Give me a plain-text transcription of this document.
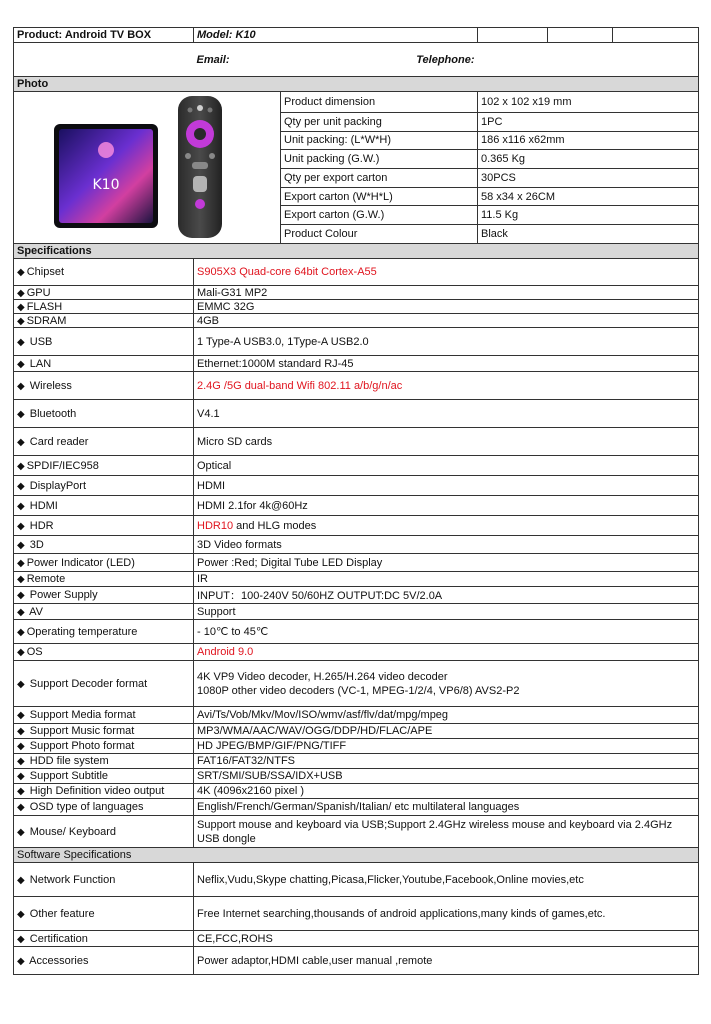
Product: Android TV BOX	Model: K10				
	Email:	Telephone:			
Photo					

K10		Product dimension	102 x 102 x19 mm		
		Qty per unit packing	1PC		
		Unit packing: (L*W*H)	186 x116 x62mm		
		Unit packing (G.W.)	0.365 Kg		
		Qty per export carton	30PCS		
		Export carton (W*H*L)	58 x34 x 26CM		
		Export carton (G.W.)	11.5 Kg		
		Product Colour	Black		
Specifications					
◆ Chipset	S905X3 Quad-core 64bit Cortex-A55				
◆ GPU	Mali-G31 MP2				
◆ FLASH	EMMC 32G				
◆ SDRAM	4GB				
◆ USB	1 Type-A USB3.0, 1Type-A USB2.0				
◆ LAN	Ethernet:1000M standard RJ-45				
◆ Wireless	2.4G /5G dual-band Wifi 802.11 a/b/g/n/ac				
◆ Bluetooth	V4.1				
◆ Card reader	Micro SD cards				
◆ SPDIF/IEC958	Optical				
◆ DisplayPort	HDMI				
◆ HDMI	HDMI 2.1for 4k@60Hz				
◆ HDR	HDR10 and HLG modes				
◆ 3D	3D Video formats				
◆ Power Indicator (LED)	Power :Red; Digital Tube LED Display				
◆ Remote	IR				
◆ Power Supply	INPUT：100-240V 50/60HZ OUTPUT:DC 5V/2.0A				
◆ AV	Support				
◆ Operating temperature	- 10℃ to 45℃				
◆ OS	Android 9.0				
◆ Support Decoder format	4K VP9 Video decoder, H.265/H.264 video decoder
1080P other video decoders (VC-1, MPEG-1/2/4, VP6/8) AVS2-P2				

◆ Support Media format	Avi/Ts/Vob/Mkv/Mov/ISO/wmv/asf/flv/dat/mpg/mpeg				
◆ Support Music format	MP3/WMA/AAC/WAV/OGG/DDP/HD/FLAC/APE				
◆ Support Photo format	HD JPEG/BMP/GIF/PNG/TIFF				
◆ HDD file system	FAT16/FAT32/NTFS				
◆ Support Subtitle	SRT/SMI/SUB/SSA/IDX+USB				
◆ High Definition video output	4K (4096x2160 pixel )				
◆ OSD type of languages	English/French/German/Spanish/Italian/ etc multilateral languages				
◆ Mouse/ Keyboard	Support mouse and keyboard via USB;Support 2.4GHz wireless mouse and keyboard via 2.4GHz USB dongle				
Software Specifications					
◆ Network Function	Neflix,Vudu,Skype chatting,Picasa,Flicker,Youtube,Facebook,Online movies,etc				
◆ Other feature	Free Internet searching,thousands of android applications,many kinds of games,etc.				
◆ Certification	CE,FCC,ROHS				
◆ Accessories	Power adaptor,HDMI cable,user manual ,remote				
